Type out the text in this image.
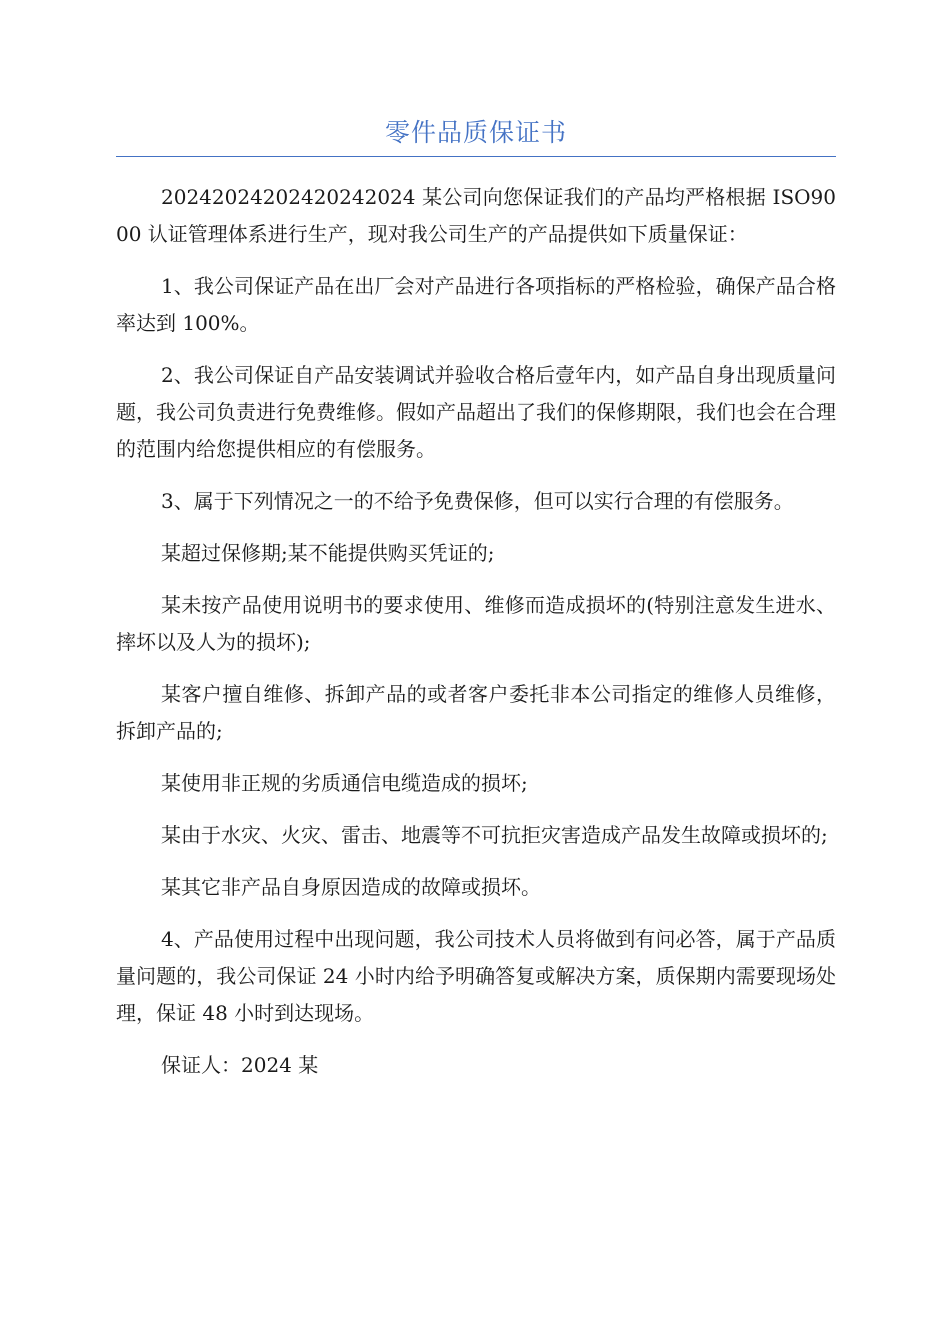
零件品质保证书

20242024202420242024 某公司向您保证我们的产品均严格根据 ISO9000 认证管理体系进行生产，现对我公司生产的产品提供如下质量保证：

1、我公司保证产品在出厂会对产品进行各项指标的严格检验，确保产品合格率达到 100%。

2、我公司保证自产品安装调试并验收合格后壹年内，如产品自身出现质量问题，我公司负责进行免费维修。假如产品超出了我们的保修期限，我们也会在合理的范围内给您提供相应的有偿服务。

3、属于下列情况之一的不给予免费保修，但可以实行合理的有偿服务。

某超过保修期;某不能提供购买凭证的;

某未按产品使用说明书的要求使用、维修而造成损坏的(特别注意发生进水、摔坏以及人为的损坏);

某客户擅自维修、拆卸产品的或者客户委托非本公司指定的维修人员维修，拆卸产品的;

某使用非正规的劣质通信电缆造成的损坏;

某由于水灾、火灾、雷击、地震等不可抗拒灾害造成产品发生故障或损坏的;

某其它非产品自身原因造成的故障或损坏。

4、产品使用过程中出现问题，我公司技术人员将做到有问必答，属于产品质量问题的，我公司保证 24 小时内给予明确答复或解决方案，质保期内需要现场处理，保证 48 小时到达现场。

保证人：2024 某
